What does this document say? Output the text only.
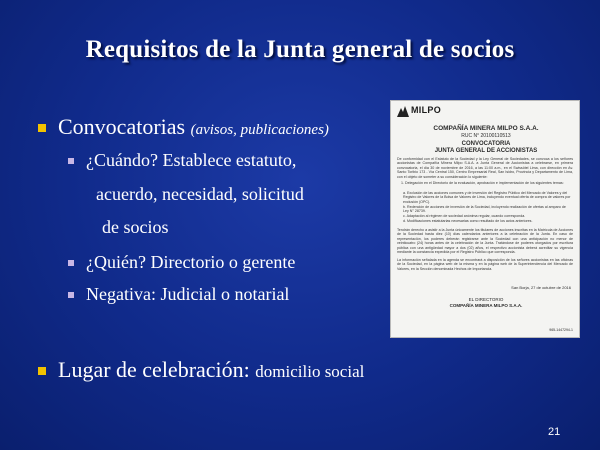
Requisitos de la Junta general de socios
Convocatorias (avisos, publicaciones)
¿Cuándo? Establece estatuto,
acuerdo, necesidad, solicitud
de socios
¿Quién? Directorio o gerente
Negativa: Judicial o notarial
Lugar de celebración: domicilio social
MILPO
COMPAÑÍA MINERA MILPO S.A.A.
RUC N° 20100110513
CONVOCATORIA
JUNTA GENERAL DE ACCIONISTAS
De conformidad con el Estatuto de la Sociedad y la Ley General de Sociedades, se convoca a los señores accionistas de Compañía Minera Milpo S.A.A. a Junta General de Accionistas a celebrarse, en primera convocatoria, el día 30 de noviembre de 2016, a las 11:00 a.m., en el Swissôtel Lima, con dirección en Av. Santo Toribio 173 - Vía Central 150, Centro Empresarial Real, San Isidro, Provincia y Departamento de Lima, con el objeto de someter a su consideración lo siguiente:
1. Delegación en el Directorio de la evaluación, aprobación e implementación de los siguientes temas:
a. Exclusión de las acciones comunes y de inversión del Registro Público del Mercado de Valores y del Registro de Valores de la Bolsa de Valores de Lima, incluyendo eventual oferta de compra de valores por exclusión (OPC).
b. Redención de acciones de inversión de la Sociedad, incluyendo realización de ofertas al amparo de Ley N° 28739.
c. Adaptación al régimen de sociedad anónima regular, cuando corresponda.
d. Modificaciones estatutarias necesarias como resultado de los actos anteriores.
Tendrán derecho a asistir a la Junta únicamente los titulares de acciones inscritas en la Matrícula de Acciones de la Sociedad hasta diez (10) días calendarios anteriores a la celebración de la Junta. En caso de representación, los poderes deberán registrarse ante la Sociedad con una anticipación no menor de veinticuatro (24) horas antes de la celebración de la Junta. Tratándose de poderes otorgados por escritura pública con una antigüedad mayor a dos (02) años, el respectivo accionista deberá acreditar su vigencia mediante la constancia expedida por el Registro Público que corresponda.
La información señalada en la agenda se encontrará a disposición de los señores accionistas en las oficinas de la Sociedad, en la página web de la misma y en la página web de la Superintendencia del Mercado de Valores, en la Sección denominada Hechos de Importancia.
San Borja, 27 de octubre de 2016
EL DIRECTORIO
COMPAÑÍA MINERA MILPO S.A.A.
965-1447294-1
21
